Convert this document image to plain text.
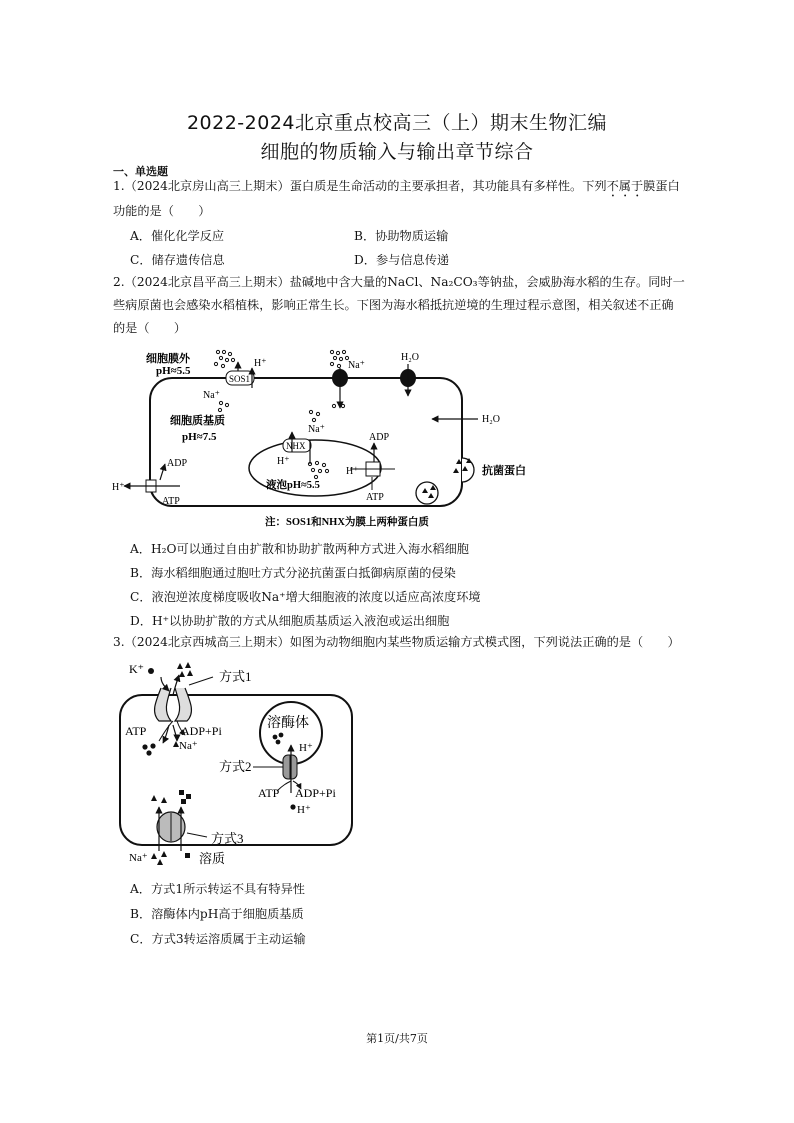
2022-2024北京重点校高三（上）期末生物汇编
细胞的物质输入与输出章节综合
一、单选题
1.（2024北京房山高三上期末）蛋白质是生命活动的主要承担者，其功能具有多样性。下列不属于膜蛋白
功能的是（　　）
A．催化化学反应	B．协助物质运输
C．储存遗传信息	D．参与信息传递
2.（2024北京昌平高三上期末）盐碱地中含大量的NaCl、Na₂CO₃等钠盐，会威胁海水稻的生存。同时一
些病原菌也会感染水稻植株，影响正常生长。下图为海水稻抵抗逆境的生理过程示意图，相关叙述不正确
的是（　　）
细胞膜外
pH≈5.5
SOS1
H⁺
Na⁺
Na⁺
H₂O
H₂O
细胞质基质
pH≈7.5
Na⁺
NHX
H⁺
液泡pH≈5.5
H⁺
ADP
ATP
H⁺
ADP
ATP
抗菌蛋白
注：SOS1和NHX为膜上两种蛋白质
A．H₂O可以通过自由扩散和协助扩散两种方式进入海水稻细胞
B．海水稻细胞通过胞吐方式分泌抗菌蛋白抵御病原菌的侵染
C．液泡逆浓度梯度吸收Na⁺增大细胞液的浓度以适应高浓度环境
D．H⁺以协助扩散的方式从细胞质基质运入液泡或运出细胞
3.（2024北京西城高三上期末）如图为动物细胞内某些物质运输方式模式图，下列说法正确的是（　　）
K⁺	方式1
ATP	ADP+Pi
Na⁺
溶酶体
H⁺
方式2
ATP ADP+Pi
H⁺
方式3
Na⁺	溶质
A．方式1所示转运不具有特异性
B．溶酶体内pH高于细胞质基质
C．方式3转运溶质属于主动运输
第1页/共7页
